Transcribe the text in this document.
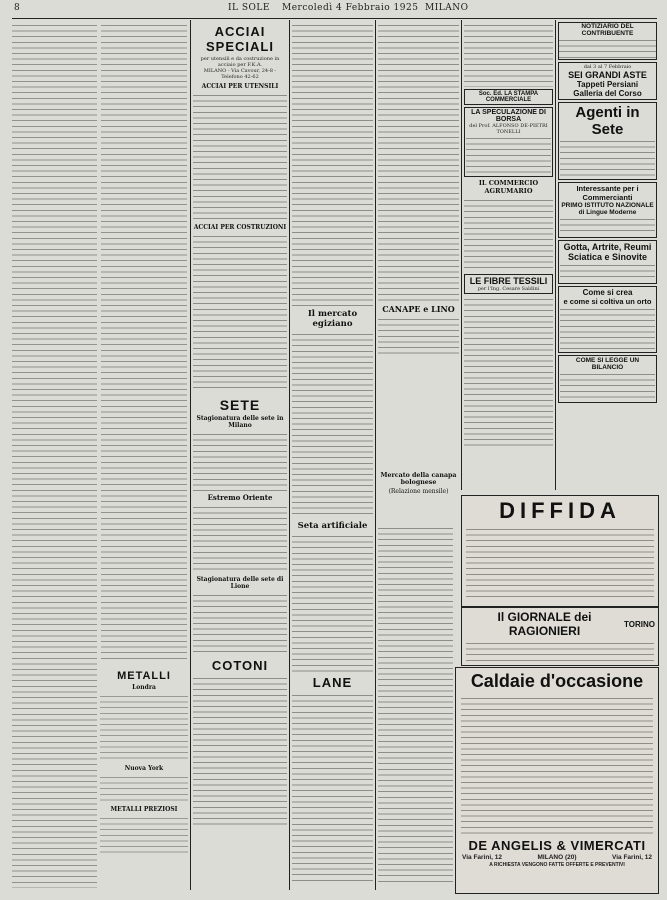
8	IL SOLE Mercoledì 4 Febbraio 1925 MILANO

METALLI
Londra
Nuova York
METALLI PREZIOSI
ACCIAI SPECIALI
per utensili e da costruzione in acciaio per F.K.A.
MILANO - Via Cavour, 24-8 - Telefono 42-62
ACCIAI PER UTENSILI
ACCIAI PER COSTRUZIONI
SETE
Stagionatura delle sete in Milano
Estremo Oriente
Stagionatura delle sete di Lione
COTONI
Il mercato egiziano
Seta artificiale
LANE
CANAPE e LINO
Mercato della canapa bolognese
(Relazione mensile)
Soc. Ed. LA STAMPA COMMERCIALE
LA SPECULAZIONE DI BORSA
del Prof. ALFONSO DE-PIETRI TONELLI
IL COMMERCIO AGRUMARIO
LE FIBRE TESSILI
per l'Ing. Cesare Saldini
NOTIZIARIO DEL CONTRIBUENTE
dal 3 al 7 Febbraio
SEI GRANDI ASTE
Tappeti Persiani
Galleria del Corso
Agenti in Sete
Interessante per i Commercianti
PRIMO ISTITUTO NAZIONALE di Lingue Moderne
Gotta, Artrite, Reumi Sciatica e Sinovite
Come si crea
e come si coltiva un orto
COME SI LEGGE UN BILANCIO
DIFFIDA
Il GIORNALE dei RAGIONIERI	TORINO
Caldaie d'occasione
DE ANGELIS & VIMERCATI
Via Farini, 12	MILANO (20)	Via Farini, 12
A RICHIESTA VENGONO FATTE OFFERTE E PREVENTIVI
